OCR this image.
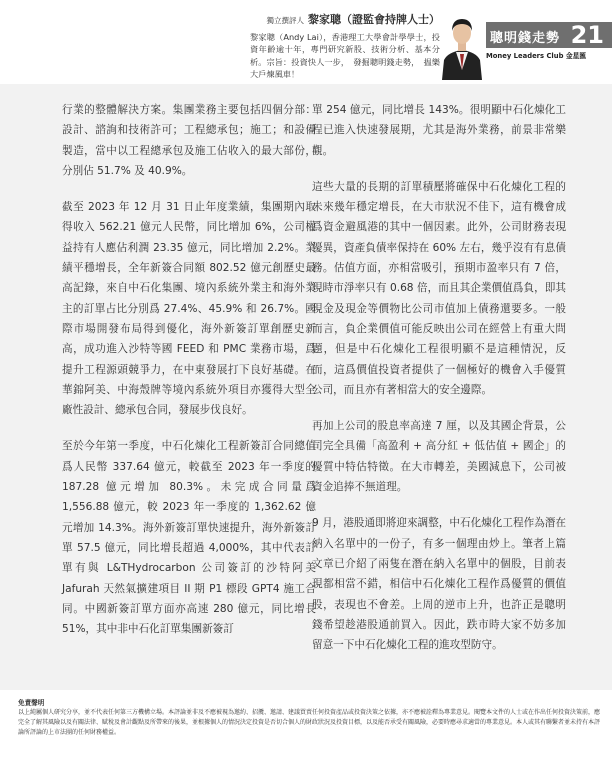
獨立撰評人 黎家聰（證監會持牌人士）
黎家聰（Andy Lai），香港理工大學會計學學士，投資年齡逾十年，專門研究新股、技術分析、基本分析。宗旨：投資快人一步，　發掘聰明錢走勢，　揾樂大戶煉風車！
聰明錢走勢 21
Money Leaders Club 金星匯

行業的整體解決方案。集團業務主要包括四個分部：設計、諮詢和技術許可；工程總承包；施工；和設備製造，當中以工程總承包及施工佔收入的最大部份，分別佔 51.7% 及 40.9%。

截至 2023 年 12 月 31 日止年度業績，集團期內取得收入 562.21 億元人民幣，同比增加 6%，公司權益持有人應佔利潤 23.35 億元，同比增加 2.2%。業績平穩增長，全年新簽合同額 802.52 億元創歷史最高記錄，來自中石化集團、境內系統外業主和海外業主的訂單占比分別爲 27.4%、45.9% 和 26.7%。國際市場開發布局得到優化，海外新簽訂單創歷史新高，成功進入沙特等國 FEED 和 PMC 業務市場，爲提升工程源頭競爭力，在中東發展打下良好基礎。在華錦阿美、中海殼牌等境內系統外項目亦獲得大型全廠性設計、總承包合同，發展步伐良好。

至於今年第一季度，中石化煉化工程新簽訂合同總值爲人民幣 337.64 億元，較截至 2023 年一季度的 187.28 億元增加 80.3%。未完成合同量爲 1,556.88 億元，較 2023 年一季度的 1,362.62 億元增加 14.3%。海外新簽訂單快速提升，海外新簽訂單 57.5 億元，同比增長超過 4,000%，其中代表訂單有與 L&THydrocarbon 公司簽訂的沙特阿美 Jafurah 天然氣擴建項目 II 期 P1 標段 GPT4 施工合同。中國新簽訂單方面亦高速 280 億元，同比增長 51%，其中非中石化訂單集團新簽訂

單 254 億元，同比增長 143%。很明顯中石化煉化工程已進入快速發展期，尤其是海外業務，前景非常樂觀。

這些大量的長期的訂單積壓將確保中石化煉化工程的未來幾年穩定增長，在大市狀況不佳下，這有機會成爲資金避風港的其中一個因素。此外，公司財務表現優異，資產負債率保持在 60% 左右，幾乎沒有有息債務。估值方面，亦相當吸引，預期市盈率只有 7 倍，現時市淨率只有 0.68 倍，而且其企業價值爲負，即其現金及現金等價物比公司市值加上債務還要多。一般而言，負企業價值可能反映出公司在經營上有重大問題，但是中石化煉化工程很明顯不是這種情況，反而，這爲價值投資者提供了一個極好的機會入手優質公司，而且亦有著相當大的安全邊際。

再加上公司的股息率高達 7 厘，以及其國企背景，公司完全具備「高盈利 + 高分紅 + 低估值 + 國企」的優質中特估特徵。在大市轉差，美國減息下，公司被資金追捧不無道理。

9 月，港股通即將迎來調整，中石化煉化工程作為潛在納入名單中的一份子，有多一個理由炒上。筆者上篇文章已介紹了兩隻在潛在納入名單中的個股，目前表現都相當不錯，相信中石化煉化工程作爲優質的價值股，表現也不會差。上周的逆市上升，也許正是聰明錢希望趁港股通前買入。因此，跌市時大家不妨多加留意一下中石化煉化工程的進攻型防守。

免責聲明
以上純屬個人研究分享，並不代表任何第三方機構立場。本評論並非及不應被視為邀約、招攬、邀請、建議買賣任何投資產品或投資決策之依據，亦不應被詮釋為專業意見。閱覽本文件的人士或在作出任何投資決策前，應完全了解其風險以及有關法律、賦稅及會計觀點及所帶來的後果，並根據個人的情況決定投資是否切合個人的財政狀況及投資目標，以及能否承受有關風險，必要時應尋求適當的專業意見。本人或其有聯繫者並未持有本評論所評論的上市法團的任何財務權益。
